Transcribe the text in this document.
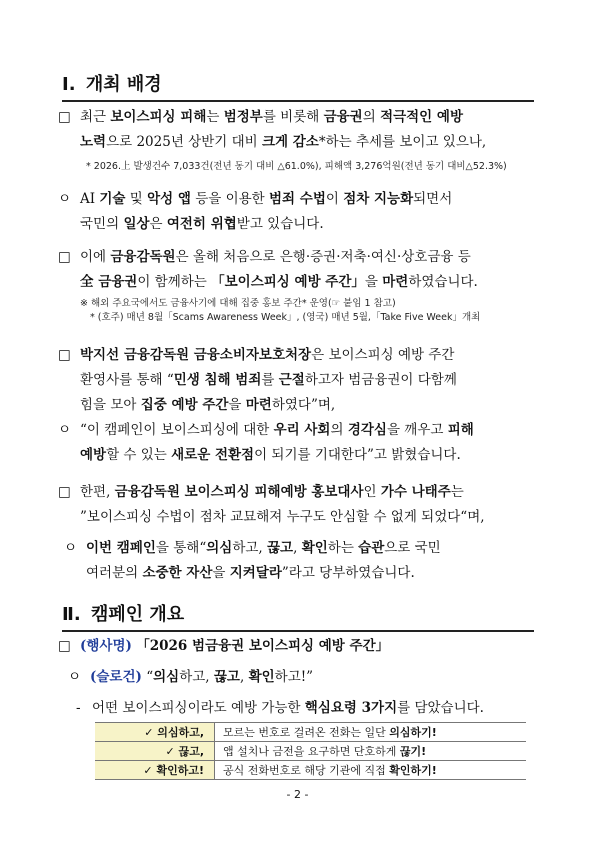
Ⅰ. 개최 배경
□ 최근 보이스피싱 피해는 범정부를 비롯해 금융권의 적극적인 예방
노력으로 2025년 상반기 대비 크게 감소*하는 추세를 보이고 있으나,
* 2026.上 발생건수 7,033건(전년 동기 대비 △61.0%), 피해액 3,276억원(전년 동기 대비△52.3%)
ㅇ AI 기술 및 악성 앱 등을 이용한 범죄 수법이 점차 지능화되면서
국민의 일상은 여전히 위협받고 있습니다.
□ 이에 금융감독원은 올해 처음으로 은행·증권·저축·여신·상호금융 등
全 금융권이 함께하는 「보이스피싱 예방 주간」을 마련하였습니다.
※ 해외 주요국에서도 금융사기에 대해 집중 홍보 주간* 운영(☞ 붙임 1 참고)
* (호주) 매년 8월「Scams Awareness Week」, (영국) 매년 5월,「Take Five Week」개최
□ 박지선 금융감독원 금융소비자보호처장은 보이스피싱 예방 주간
환영사를 통해 “민생 침해 범죄를 근절하고자 범금융권이 다함께
힘을 모아 집중 예방 주간을 마련하였다”며,
ㅇ “이 캠페인이 보이스피싱에 대한 우리 사회의 경각심을 깨우고 피해
예방할 수 있는 새로운 전환점이 되기를 기대한다”고 밝혔습니다.
□ 한편, 금융감독원 보이스피싱 피해예방 홍보대사인 가수 나태주는
”보이스피싱 수법이 점차 교묘해져 누구도 안심할 수 없게 되었다“며,
ㅇ 이번 캠페인을 통해“의심하고, 끊고, 확인하는 습관으로 국민
여러분의 소중한 자산을 지켜달라”라고 당부하였습니다.
Ⅱ. 캠페인 개요
□ (행사명) 「2026 범금융권 보이스피싱 예방 주간」
ㅇ (슬로건) “의심하고, 끊고, 확인하고!”
- 어떤 보이스피싱이라도 예방 가능한 핵심요령 3가지를 담았습니다.
✓ 의심하고,	모르는 번호로 걸려온 전화는 일단 의심하기!
✓ 끊고,	앱 설치나 금전을 요구하면 단호하게 끊기!
✓ 확인하고!	공식 전화번호로 해당 기관에 직접 확인하기!
- 2 -
